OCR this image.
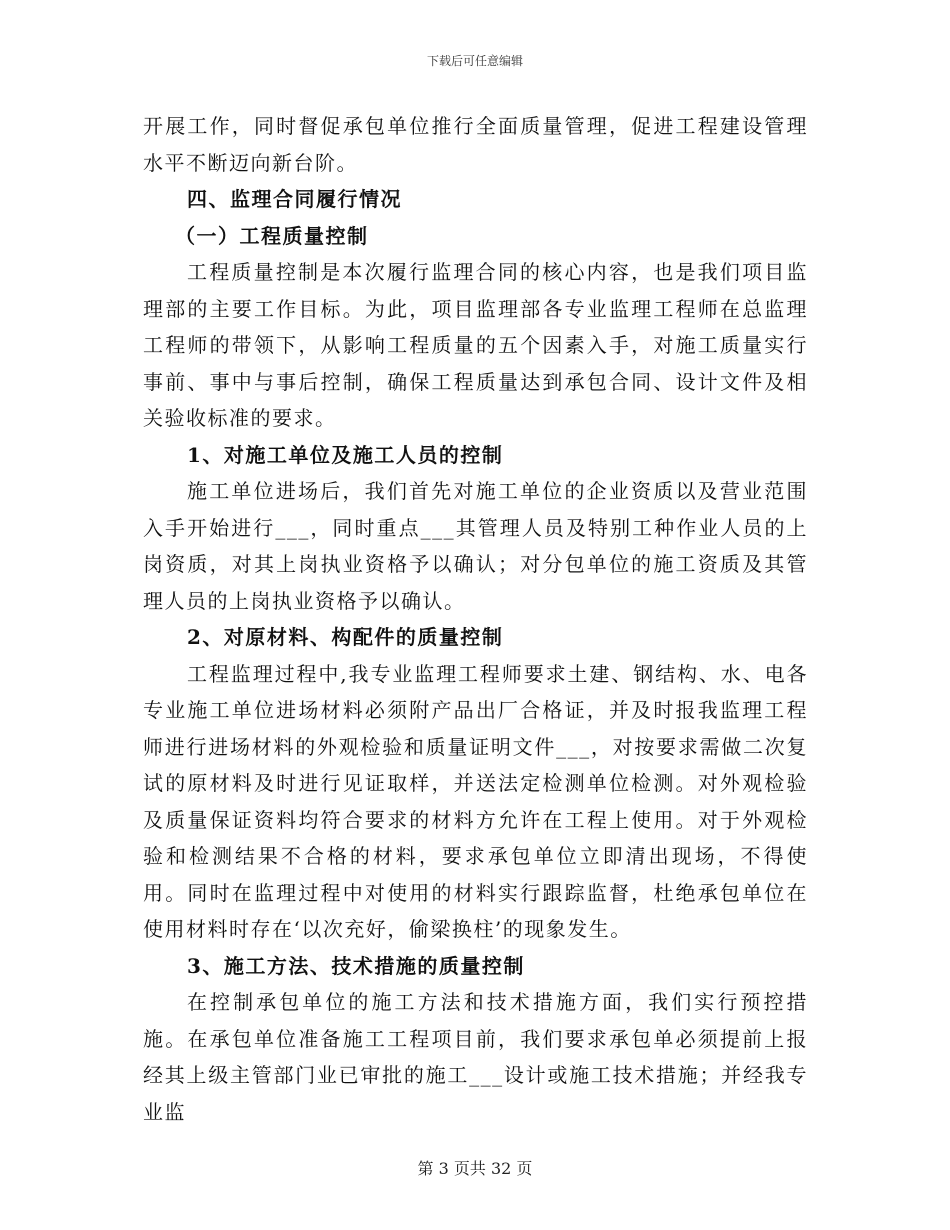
下载后可任意编辑

开展工作，同时督促承包单位推行全面质量管理，促进工程建设管理水平不断迈向新台阶。

四、监理合同履行情况

（一）工程质量控制

工程质量控制是本次履行监理合同的核心内容，也是我们项目监理部的主要工作目标。为此，项目监理部各专业监理工程师在总监理工程师的带领下，从影响工程质量的五个因素入手，对施工质量实行事前、事中与事后控制，确保工程质量达到承包合同、设计文件及相关验收标准的要求。

1、对施工单位及施工人员的控制

施工单位进场后，我们首先对施工单位的企业资质以及营业范围入手开始进行___，同时重点___其管理人员及特别工种作业人员的上岗资质，对其上岗执业资格予以确认；对分包单位的施工资质及其管理人员的上岗执业资格予以确认。

2、对原材料、构配件的质量控制

工程监理过程中,我专业监理工程师要求土建、钢结构、水、电各专业施工单位进场材料必须附产品出厂合格证，并及时报我监理工程师进行进场材料的外观检验和质量证明文件___，对按要求需做二次复试的原材料及时进行见证取样，并送法定检测单位检测。对外观检验及质量保证资料均符合要求的材料方允许在工程上使用。对于外观检验和检测结果不合格的材料，要求承包单位立即清出现场，不得使用。同时在监理过程中对使用的材料实行跟踪监督，杜绝承包单位在使用材料时存在‘以次充好，偷梁换柱’的现象发生。

3、施工方法、技术措施的质量控制

在控制承包单位的施工方法和技术措施方面，我们实行预控措施。在承包单位准备施工工程项目前，我们要求承包单必须提前上报经其上级主管部门业已审批的施工___设计或施工技术措施；并经我专业监

第 3 页共 32 页
